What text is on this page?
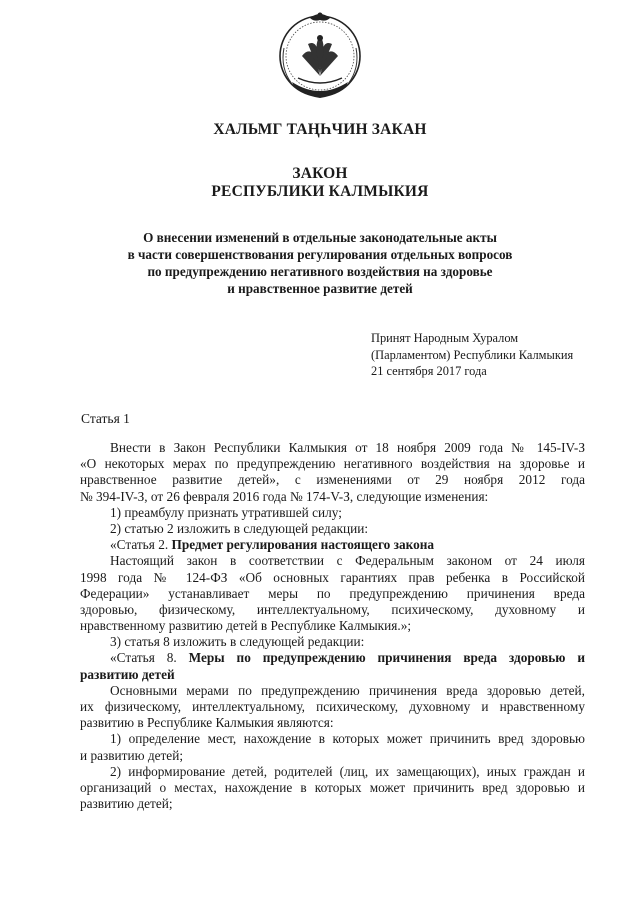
ХАЛЬМГ ТАҢҺЧИН ЗАКАН
ЗАКОН
РЕСПУБЛИКИ КАЛМЫКИЯ
О внесении изменений в отдельные законодательные акты
в части совершенствования регулирования отдельных вопросов
по предупреждению негативного воздействия на здоровье
и нравственное развитие детей
Принят Народным Хуралом
(Парламентом) Республики Калмыкия
21 сентября 2017 года
Статья 1
Внести в Закон Республики Калмыкия от 18 ноября 2009 года № 145-IV-З
«О некоторых мерах по предупреждению негативного воздействия на здоровье и
нравственное развитие детей», с изменениями от 29 ноября 2012 года
№ 394-IV-З, от 26 февраля 2016 года № 174-V-З, следующие изменения:
1) преамбулу признать утратившей силу;
2) статью 2 изложить в следующей редакции:
«Статья 2. Предмет регулирования настоящего закона
Настоящий закон в соответствии с Федеральным законом от 24 июля
1998 года № 124-ФЗ «Об основных гарантиях прав ребенка в Российской
Федерации» устанавливает меры по предупреждению причинения вреда
здоровью, физическому, интеллектуальному, психическому, духовному и
нравственному развитию детей в Республике Калмыкия.»;
3) статья 8 изложить в следующей редакции:
«Статья 8. Меры по предупреждению причинения вреда здоровью и
развитию детей
Основными мерами по предупреждению причинения вреда здоровью детей,
их физическому, интеллектуальному, психическому, духовному и нравственному
развитию в Республике Калмыкия являются:
1) определение мест, нахождение в которых может причинить вред здоровью
и развитию детей;
2) информирование детей, родителей (лиц, их замещающих), иных граждан и
организаций о местах, нахождение в которых может причинить вред здоровью и
развитию детей;
